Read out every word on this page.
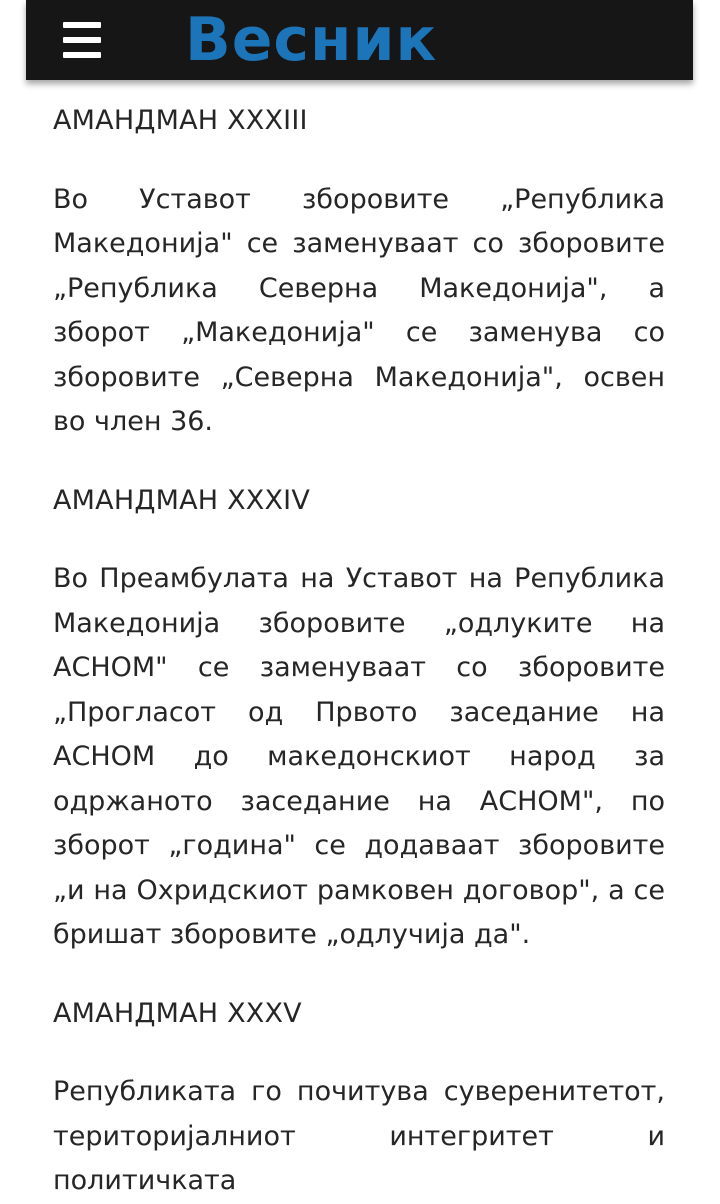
Весник

АМАНДМАН XXXIII

Во Уставот зборовите „Република Македонија" се заменуваат со зборовите „Република Северна Македонија", а зборот „Македонија" се заменува со зборовите „Северна Македонија", освен во член 36.

АМАНДМАН XXXIV

Во Преамбулата на Уставот на Република Македонија зборовите „одлуките на АСНОМ" се заменуваат со зборовите „Прогласот од Првото заседание на АСНОМ до македонскиот народ за одржаното заседание на АСНОМ", по зборот „година" се додаваат зборовите „и на Охридскиот рамковен договор", а се бришат зборовите „одлучија да".

АМАНДМАН XXXV

Републиката го почитува суверенитетот, територијалниот интегритет и политичката
